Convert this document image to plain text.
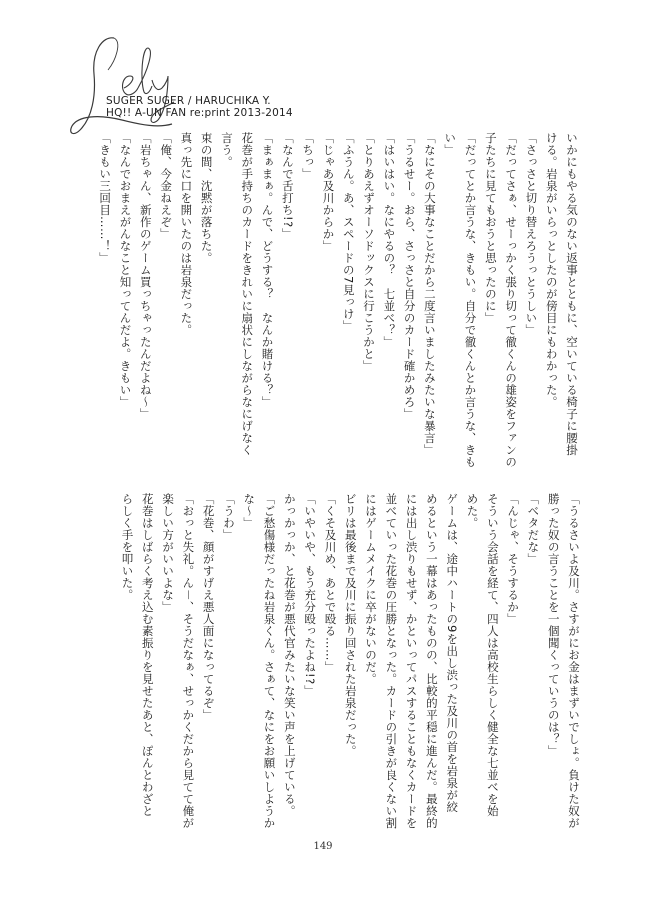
SUGER SUGER / HARUCHIKA Y.
HQ!! A-UN FAN re:print 2013-2014
いかにもやる気のない返事とともに、空いている椅子に腰掛
ける。岩泉がいらっとしたのが傍目にもわかった。
「さっさと切り替えろうっとうしい」
「だってさぁ、せーっかく張り切って徹くんの雄姿をファンの
子たちに見てもおうと思ったのに」
「だってとか言うな、きもい。自分で徹くんとか言うな、きも
い」
「なにその大事なことだから二度言いましたみたいな暴言」
「うるせー。おら、さっさと自分のカード確かめろ」
「はいはい。なにやるの？　七並べ？」
「とりあえずオーソドックスに行こうかと」
「ふうん。あ、スペードの7見っけ」
「じゃあ及川からか」
「ちっ」
「なんで舌打ち!?」
「まぁまぁ。んで、どうする？　なんか賭ける？」
花巻が手持ちのカードをきれいに扇状にしながらなにげなく
言う。
束の間、沈黙が落ちた。
真っ先に口を開いたのは岩泉だった。
「俺、今金ねえぞ」
「岩ちゃん、新作のゲーム買っちゃったんだよね～」
「なんでおまえがんなこと知ってんだよ。きもい」
「きもい三回目……！」
「うるさいよ及川。さすがにお金はまずいでしょ。負けた奴が
勝った奴の言うことを一個聞くっていうのは？」
「ベタだな」
「んじゃ、そうするか」
そういう会話を経て、四人は高校生らしく健全な七並べを始
めた。
ゲームは、途中ハートの9を出し渋った及川の首を岩泉が絞
めるという一幕はあったものの、比較的平穏に進んだ。最終的
には出し渋りもせず、かといってパスすることもなくカードを
並べていった花巻の圧勝となった。カードの引きが良くない割
にはゲームメイクに卒がないのだ。
ビリは最後まで及川に振り回された岩泉だった。
「くそ及川め、あとで殴る……」
「いやいや、もう充分殴ったよね!?」
かっかっか、と花巻が悪代官みたいな笑い声を上げている。
「ご愁傷様だったね岩泉くん。さぁて、なにをお願いしようか
な～」
「うわ」
「花巻、顔がすげえ悪人面になってるぞ」
「おっと失礼。ん－、そうだなぁ、せっかくだから見てて俺が
楽しい方がいいよな」
花巻はしばらく考え込む素振りを見せたあと、ぽんとわざと
らしく手を叩いた。
149
